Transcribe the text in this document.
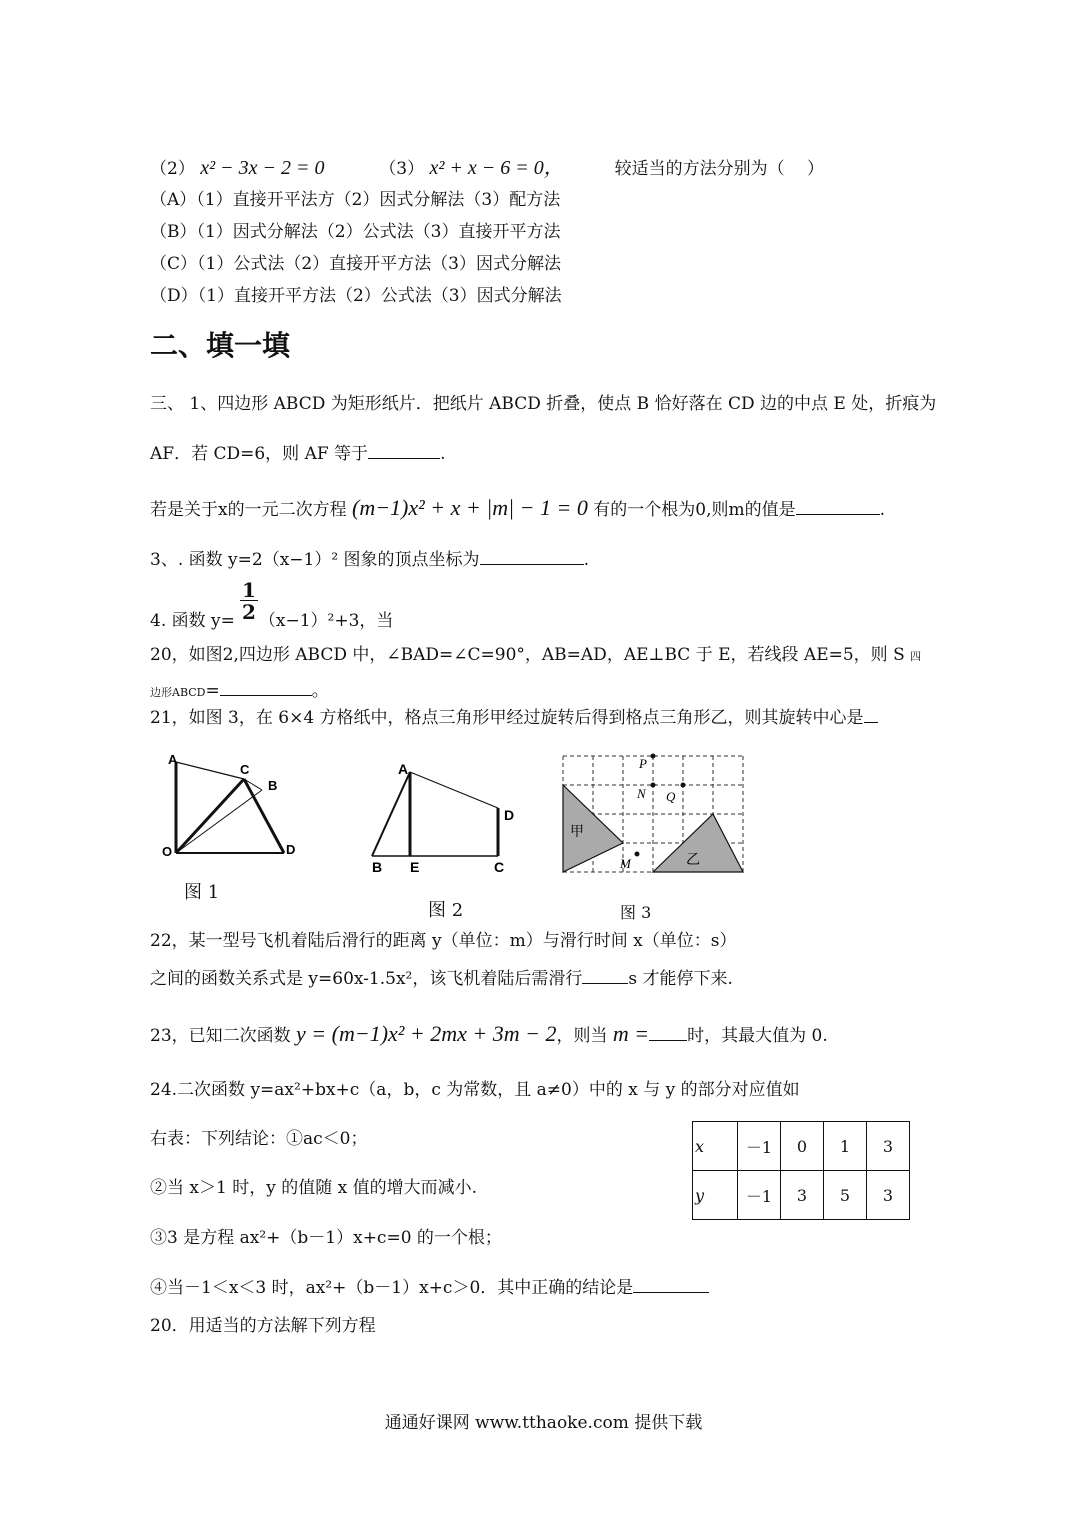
（2） x² − 3x − 2 = 0	（3） x² + x − 6 = 0，	较适当的方法分别为（　 ）
（A）（1）直接开平法方（2）因式分解法（3）配方法
（B）（1）因式分解法（2）公式法（3）直接开平方法
（C）（1）公式法（2）直接开平方法（3）因式分解法
（D）（1）直接开平方法（2）公式法（3）因式分解法
二、填一填
三、 1、四边形 ABCD 为矩形纸片．把纸片 ABCD 折叠，使点 B 恰好落在 CD 边的中点 E 处，折痕为
AF．若 CD=6，则 AF 等于	.
若是关于x的一元二次方程 (m−1)x² + x + |m| − 1 = 0 有的一个根为0,则m的值是	.
3、. 函数 y=2（x−1）² 图象的顶点坐标为	.
1
2
4. 函数 y= （x−1）²+3，当
20，如图2,四边形 ABCD 中，∠BAD=∠C=90°，AB=AD，AE⊥BC 于 E，若线段 AE=5，则 S 四
边形ABCD=	。
21，如图 3，在 6×4 方格纸中，格点三角形甲经过旋转后得到格点三角形乙，则其旋转中心是
A
C
B
O	D
图 1
A
D
B E	C
图 2
P
N Q
甲
M	乙
图 3
22，某一型号飞机着陆后滑行的距离 y（单位：m）与滑行时间 x（单位：s）
之间的函数关系式是 y=60x-1.5x²，该飞机着陆后需滑行	s 才能停下来.
23，已知二次函数 y = (m−1)x² + 2mx + 3m − 2，则当 m = 时，其最大值为 0.
24.二次函数 y=ax²+bx+c（a，b，c 为常数，且 a≠0）中的 x 与 y 的部分对应值如
右表：下列结论：①ac＜0；
②当 x＞1 时，y 的值随 x 值的增大而减小.
③3 是方程 ax²+（b－1）x+c=0 的一个根；
④当－1＜x＜3 时，ax²+（b－1）x+c＞0．其中正确的结论是
x	－1	0	1	3
y	－1	3	5	3
20．用适当的方法解下列方程
通通好课网 www.tthaoke.com 提供下载
